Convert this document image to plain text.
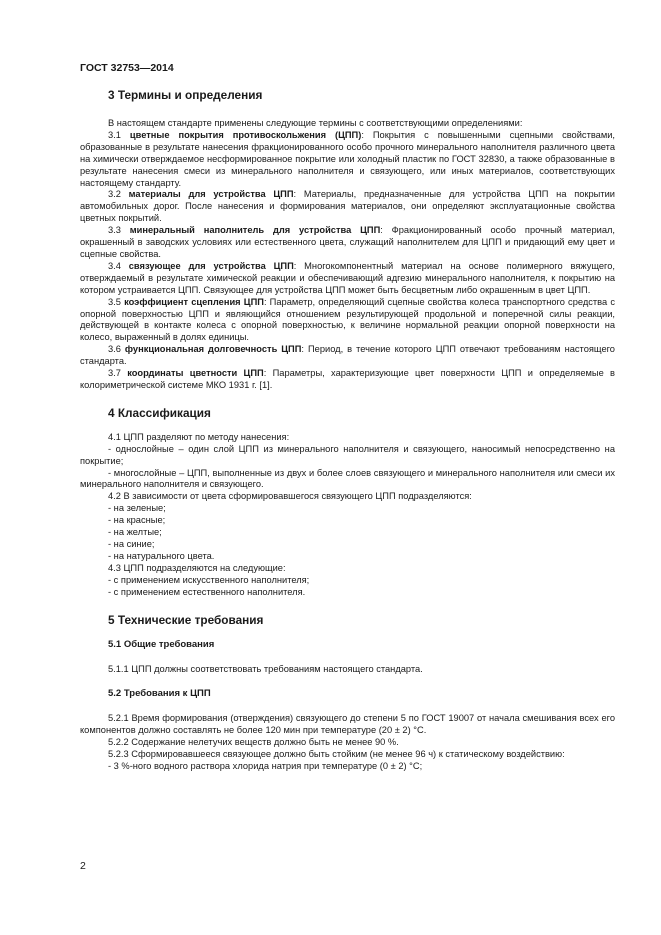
ГОСТ 32753—2014
3 Термины и определения

В настоящем стандарте применены следующие термины с соответствующими определениями:

3.1 цветные покрытия противоскольжения (ЦПП): Покрытия с повышенными сцепными свойствами, образованные в результате нанесения фракционированного особо прочного минерального наполнителя различного цвета на химически отверждаемое несформированное покрытие или холодный пластик по ГОСТ 32830, а также образованные в результате нанесения смеси из минерального наполнителя и связующего, или иных материалов, соответствующих настоящему стандарту.

3.2 материалы для устройства ЦПП: Материалы, предназначенные для устройства ЦПП на покрытии автомобильных дорог. После нанесения и формирования материалов, они определяют эксплуатационные свойства цветных покрытий.

3.3 минеральный наполнитель для устройства ЦПП: Фракционированный особо прочный материал, окрашенный в заводских условиях или естественного цвета, служащий наполнителем для ЦПП и придающий ему цвет и сцепные свойства.

3.4 связующее для устройства ЦПП: Многокомпонентный материал на основе полимерного вяжущего, отверждаемый в результате химической реакции и обеспечивающий адгезию минерального наполнителя, к покрытию на котором устраивается ЦПП. Связующее для устройства ЦПП может быть бесцветным либо окрашенным в цвет ЦПП.

3.5 коэффициент сцепления ЦПП: Параметр, определяющий сцепные свойства колеса транспортного средства с опорной поверхностью ЦПП и являющийся отношением результирующей продольной и поперечной силы реакции, действующей в контакте колеса с опорной поверхностью, к величине нормальной реакции опорной поверхности на колесо, выраженный в долях единицы.

3.6 функциональная долговечность ЦПП: Период, в течение которого ЦПП отвечают требованиям настоящего стандарта.

3.7 координаты цветности ЦПП: Параметры, характеризующие цвет поверхности ЦПП и определяемые в колориметрической системе МКО 1931 г. [1].

4 Классификация

4.1 ЦПП разделяют по методу нанесения:

- однослойные – один слой ЦПП из минерального наполнителя и связующего, наносимый непосредственно на покрытие;

- многослойные – ЦПП, выполненные из двух и более слоев связующего и минерального наполнителя или смеси их минерального наполнителя и связующего.

4.2 В зависимости от цвета сформировавшегося связующего ЦПП подразделяются:

- на зеленые;

- на красные;

- на желтые;

- на синие;

- на натурального цвета.

4.3 ЦПП подразделяются на следующие:

- с применением искусственного наполнителя;

- с применением естественного наполнителя.

5 Технические требования
5.1 Общие требования

5.1.1 ЦПП должны соответствовать требованиям настоящего стандарта.

5.2 Требования к ЦПП

5.2.1 Время формирования (отверждения) связующего до степени 5 по ГОСТ 19007 от начала смешивания всех его компонентов должно составлять не более 120 мин при температуре (20 ± 2) °С.

5.2.2 Содержание нелетучих веществ должно быть не менее 90 %.

5.2.3 Сформировавшееся связующее должно быть стойким (не менее 96 ч) к статическому воздействию:

- 3 %-ного водного раствора хлорида натрия при температуре (0 ± 2) °С;

2
